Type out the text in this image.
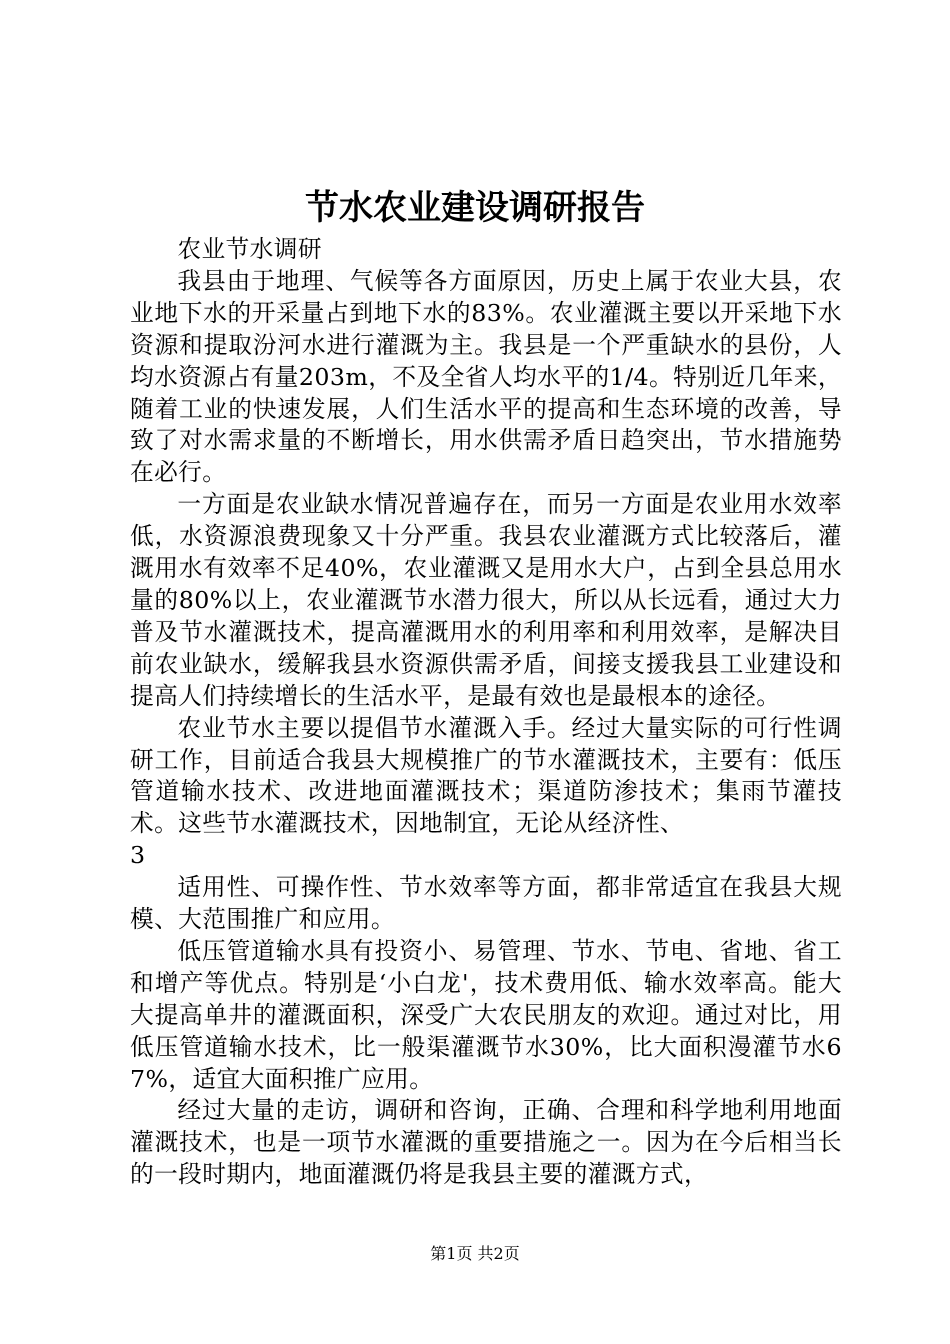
节水农业建设调研报告

农业节水调研

我县由于地理、气候等各方面原因，历史上属于农业大县，农业地下水的开采量占到地下水的83%。农业灌溉主要以开采地下水资源和提取汾河水进行灌溉为主。我县是一个严重缺水的县份，人均水资源占有量203m，不及全省人均水平的1/4。特别近几年来，随着工业的快速发展，人们生活水平的提高和生态环境的改善，导致了对水需求量的不断增长，用水供需矛盾日趋突出，节水措施势在必行。

一方面是农业缺水情况普遍存在，而另一方面是农业用水效率低，水资源浪费现象又十分严重。我县农业灌溉方式比较落后，灌溉用水有效率不足40%，农业灌溉又是用水大户，占到全县总用水量的80%以上，农业灌溉节水潜力很大，所以从长远看，通过大力普及节水灌溉技术，提高灌溉用水的利用率和利用效率，是解决目前农业缺水，缓解我县水资源供需矛盾，间接支援我县工业建设和提高人们持续增长的生活水平，是最有效也是最根本的途径。

农业节水主要以提倡节水灌溉入手。经过大量实际的可行性调研工作，目前适合我县大规模推广的节水灌溉技术，主要有：低压管道输水技术、改进地面灌溉技术；渠道防渗技术；集雨节灌技术。这些节水灌溉技术，因地制宜，无论从经济性、

3

适用性、可操作性、节水效率等方面，都非常适宜在我县大规模、大范围推广和应用。

低压管道输水具有投资小、易管理、节水、节电、省地、省工和增产等优点。特别是‘小白龙'，技术费用低、输水效率高。能大大提高单井的灌溉面积，深受广大农民朋友的欢迎。通过对比，用低压管道输水技术，比一般渠灌溉节水30%，比大面积漫灌节水67%，适宜大面积推广应用。

经过大量的走访，调研和咨询，正确、合理和科学地利用地面灌溉技术，也是一项节水灌溉的重要措施之一。因为在今后相当长的一段时期内，地面灌溉仍将是我县主要的灌溉方式，

第1页 共2页
